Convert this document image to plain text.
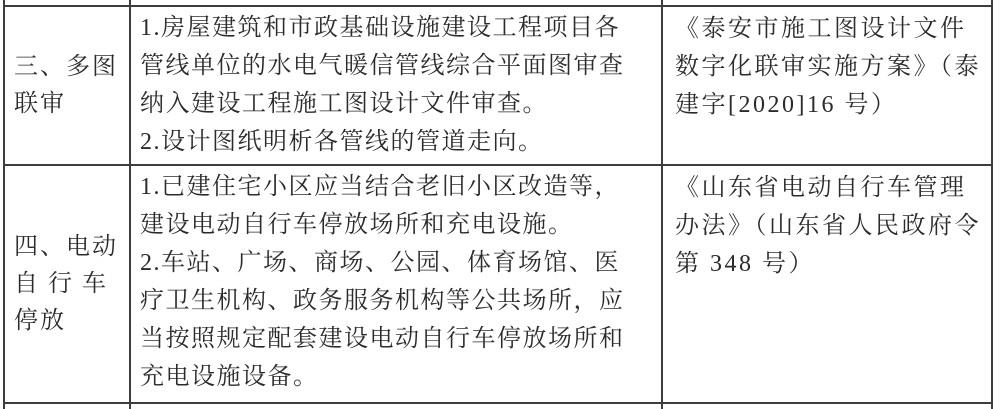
三、多图
联审
1.房屋建筑和市政基础设施建设工程项目各
管线单位的水电气暖信管线综合平面图审查
纳入建设工程施工图设计文件审查。
2.设计图纸明析各管线的管道走向。
《泰安市施工图设计文件
数字化联审实施方案》（泰
建字[2020]16 号）
四、电动
自 行 车
停放
1.已建住宅小区应当结合老旧小区改造等，
建设电动自行车停放场所和充电设施。
2.车站、广场、商场、公园、体育场馆、医
疗卫生机构、政务服务机构等公共场所，应
当按照规定配套建设电动自行车停放场所和
充电设施设备。
《山东省电动自行车管理
办法》（山东省人民政府令
第 348 号）
